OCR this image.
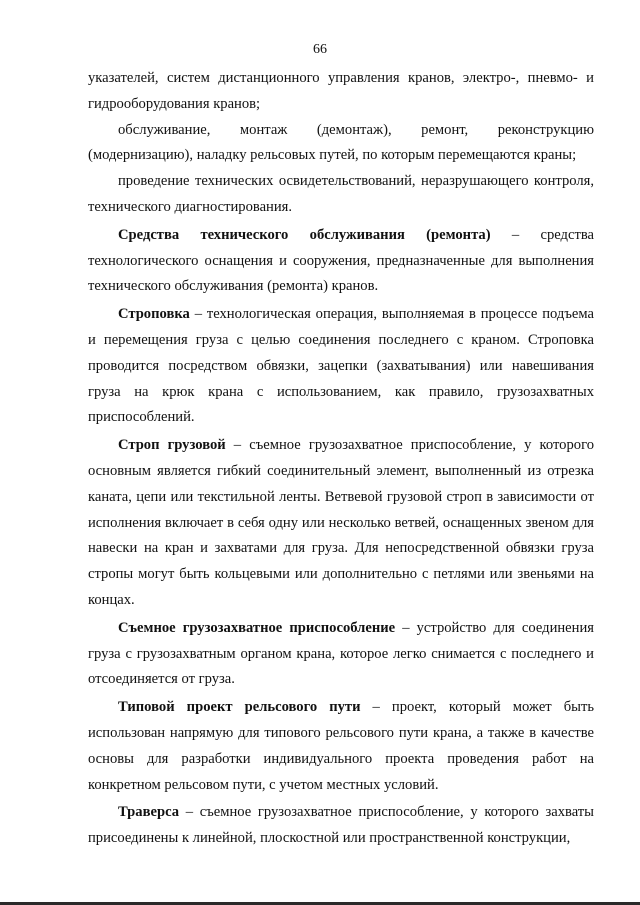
66

указателей, систем дистанционного управления кранов, электро-, пневмо- и гидрооборудования кранов;

обслуживание, монтаж (демонтаж), ремонт, реконструкцию (модернизацию), наладку рельсовых путей, по которым перемещаются краны;

проведение технических освидетельствований, неразрушающего контроля, технического диагностирования.

Средства технического обслуживания (ремонта) – средства технологического оснащения и сооружения, предназначенные для выполнения технического обслуживания (ремонта) кранов.

Строповка – технологическая операция, выполняемая в процессе подъема и перемещения груза с целью соединения последнего с краном. Строповка проводится посредством обвязки, зацепки (захватывания) или навешивания груза на крюк крана с использованием, как правило, грузозахватных приспособлений.

Строп грузовой – съемное грузозахватное приспособление, у которого основным является гибкий соединительный элемент, выполненный из отрезка каната, цепи или текстильной ленты. Ветвевой грузовой строп в зависимости от исполнения включает в себя одну или несколько ветвей, оснащенных звеном для навески на кран и захватами для груза. Для непосредственной обвязки груза стропы могут быть кольцевыми или дополнительно с петлями или звеньями на концах.

Съемное грузозахватное приспособление – устройство для соединения груза с грузозахватным органом крана, которое легко снимается с последнего и отсоединяется от груза.

Типовой проект рельсового пути – проект, который может быть использован напрямую для типового рельсового пути крана, а также в качестве основы для разработки индивидуального проекта проведения работ на конкретном рельсовом пути, с учетом местных условий.

Траверса – съемное грузозахватное приспособление, у которого захваты присоединены к линейной, плоскостной или пространственной конструкции,
